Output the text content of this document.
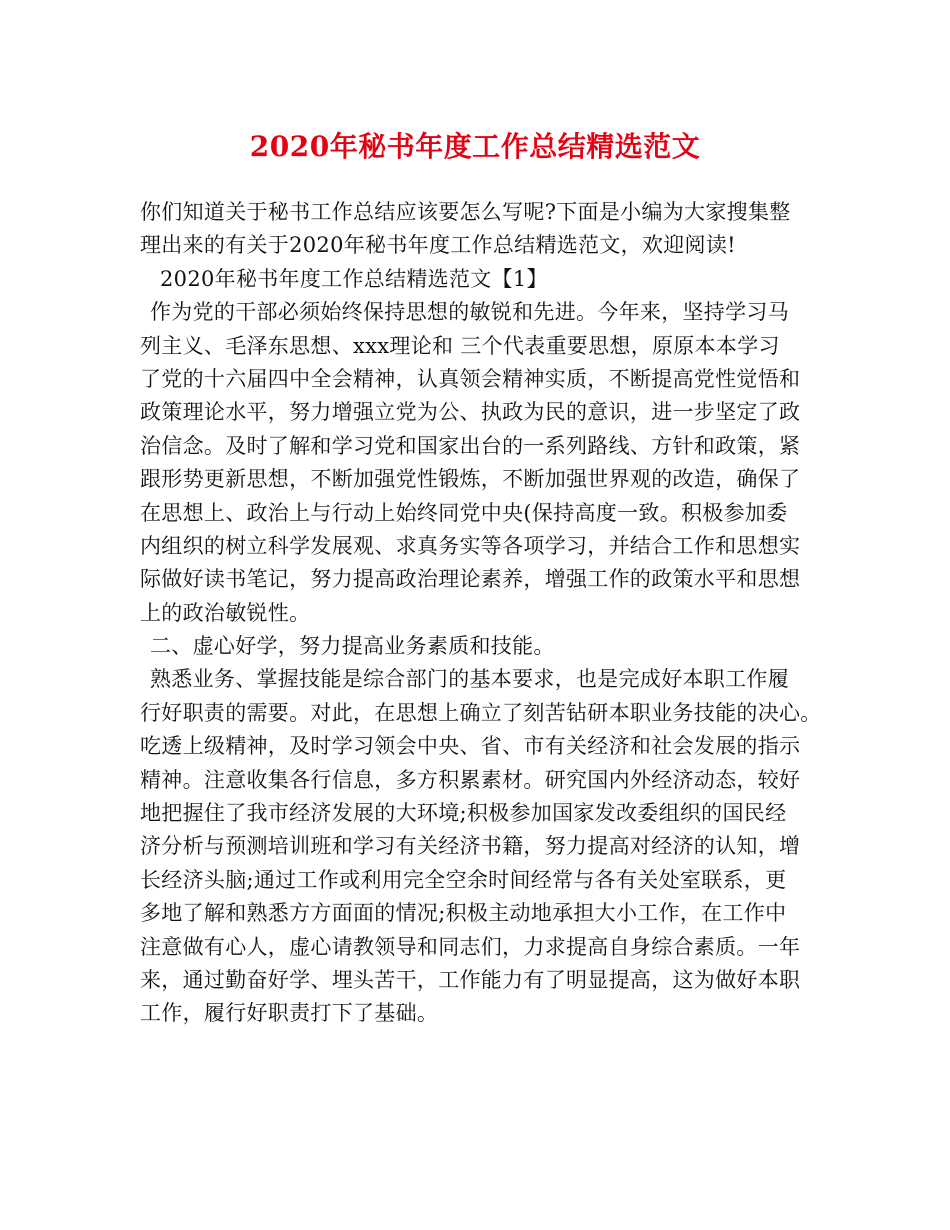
2020年秘书年度工作总结精选范文
你们知道关于秘书工作总结应该要怎么写呢?下面是小编为大家搜集整
理出来的有关于2020年秘书年度工作总结精选范文，欢迎阅读!
2020年秘书年度工作总结精选范文【1】
作为党的干部必须始终保持思想的敏锐和先进。今年来，坚持学习马
列主义、毛泽东思想、xxx理论和 三个代表重要思想，原原本本学习
了党的十六届四中全会精神，认真领会精神实质，不断提高党性觉悟和
政策理论水平，努力增强立党为公、执政为民的意识，进一步坚定了政
治信念。及时了解和学习党和国家出台的一系列路线、方针和政策，紧
跟形势更新思想，不断加强党性锻炼，不断加强世界观的改造，确保了
在思想上、政治上与行动上始终同党中央(保持高度一致。积极参加委
内组织的树立科学发展观、求真务实等各项学习，并结合工作和思想实
际做好读书笔记，努力提高政治理论素养，增强工作的政策水平和思想
上的政治敏锐性。
二、虚心好学，努力提高业务素质和技能。
熟悉业务、掌握技能是综合部门的基本要求，也是完成好本职工作履
行好职责的需要。对此，在思想上确立了刻苦钻研本职业务技能的决心。
吃透上级精神，及时学习领会中央、省、市有关经济和社会发展的指示
精神。注意收集各行信息，多方积累素材。研究国内外经济动态，较好
地把握住了我市经济发展的大环境;积极参加国家发改委组织的国民经
济分析与预测培训班和学习有关经济书籍，努力提高对经济的认知，增
长经济头脑;通过工作或利用完全空余时间经常与各有关处室联系，更
多地了解和熟悉方方面面的情况;积极主动地承担大小工作，在工作中
注意做有心人，虚心请教领导和同志们，力求提高自身综合素质。一年
来，通过勤奋好学、埋头苦干，工作能力有了明显提高，这为做好本职
工作，履行好职责打下了基础。
